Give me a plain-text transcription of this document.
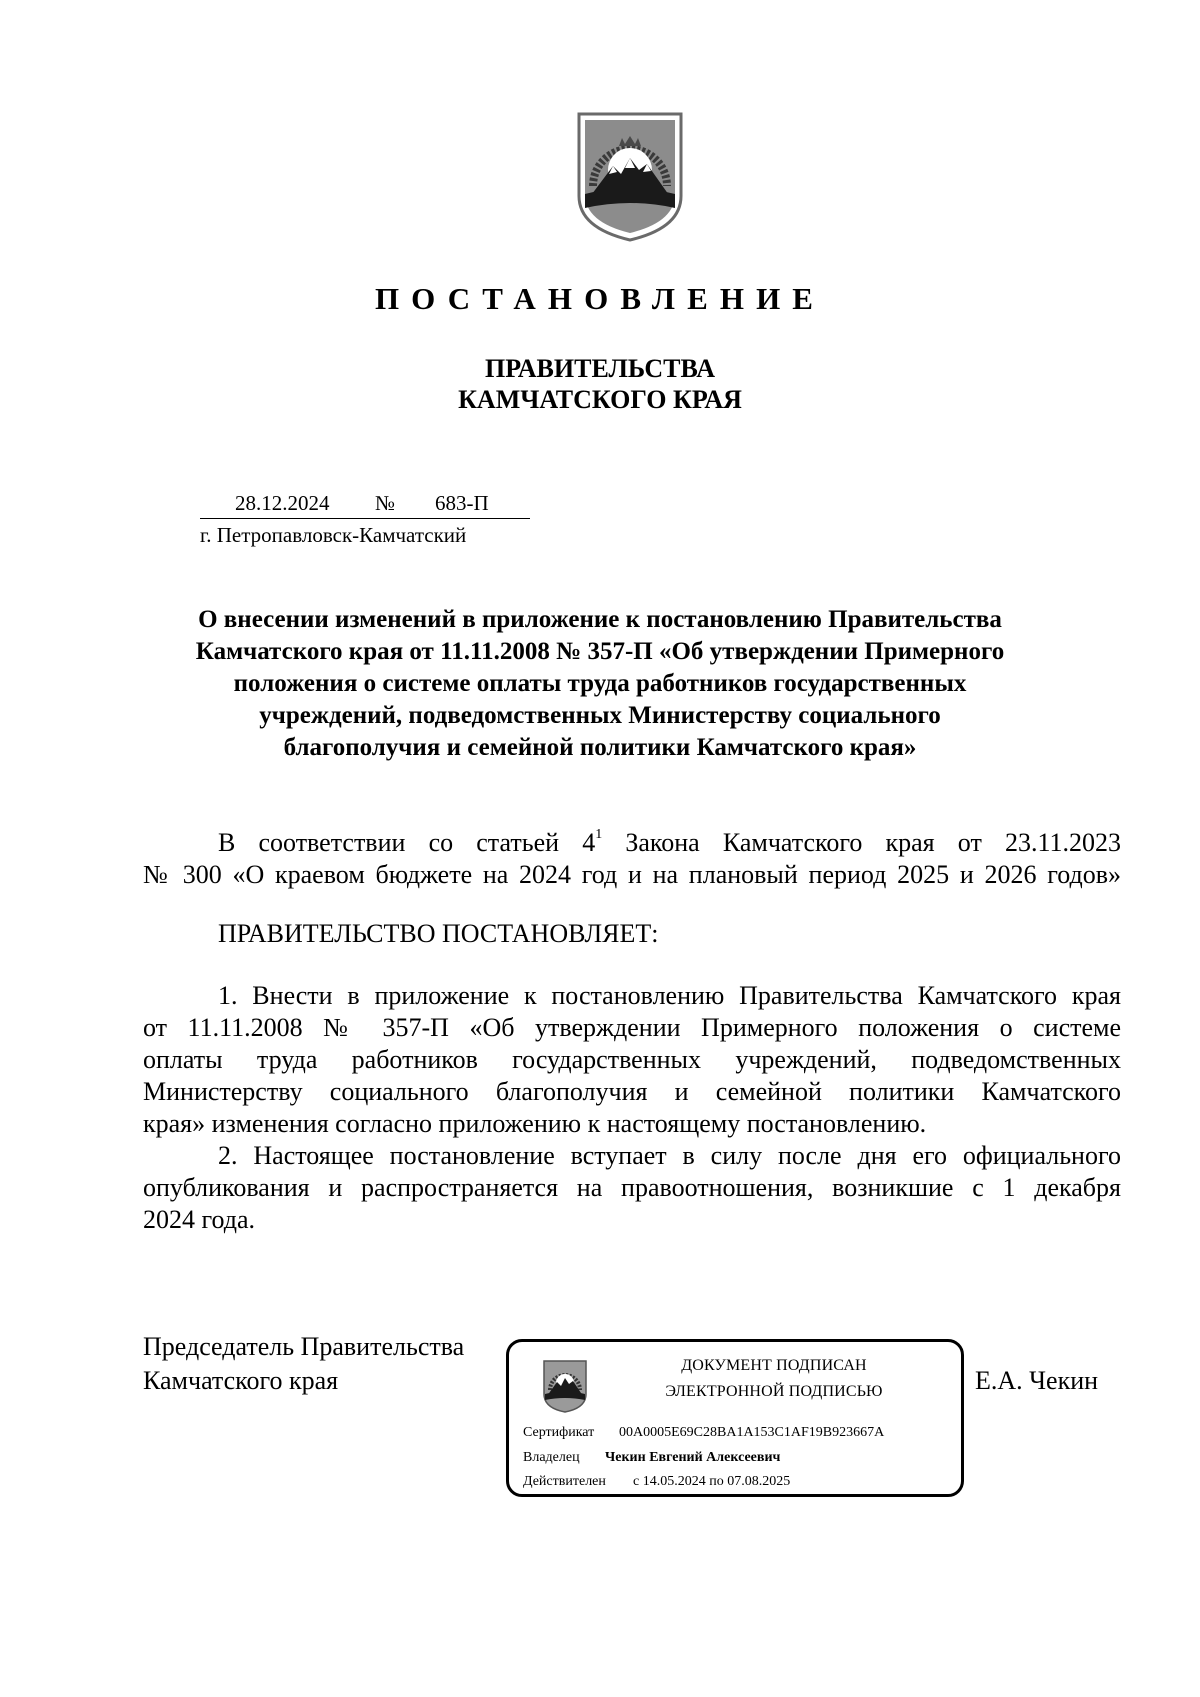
ПОСТАНОВЛЕНИЕ
ПРАВИТЕЛЬСТВА
КАМЧАТСКОГО КРАЯ
28.12.2024 № 683-П
г. Петропавловск-Камчатский
О внесении изменений в приложение к постановлению Правительства
Камчатского края от 11.11.2008 № 357-П «Об утверждении Примерного
положения о системе оплаты труда работников государственных
учреждений, подведомственных Министерству социального
благополучия и семейной политики Камчатского края»
В соответствии со статьей $4^1$ Закона Камчатского края от 23.11.2023
№ 300 «О краевом бюджете на 2024 год и на плановый период 2025 и 2026 годов»
ПРАВИТЕЛЬСТВО ПОСТАНОВЛЯЕТ:
1. Внести в приложение к постановлению Правительства Камчатского края
от 11.11.2008 № 357-П «Об утверждении Примерного положения о системе
оплаты труда работников государственных учреждений, подведомственных
Министерству социального благополучия и семейной политики Камчатского
края» изменения согласно приложению к настоящему постановлению.
2. Настоящее постановление вступает в силу после дня его официального
опубликования и распространяется на правоотношения, возникшие с 1 декабря
2024 года.
Председатель Правительства
Камчатского края
ДОКУМЕНТ ПОДПИСАН
ЭЛЕКТРОННОЙ ПОДПИСЬЮ
Сертификат 00A0005E69C28BA1A153C1AF19B923667A
Владелец Чекин Евгений Алексеевич
Действителен с 14.05.2024 по 07.08.2025
Е.А. Чекин
